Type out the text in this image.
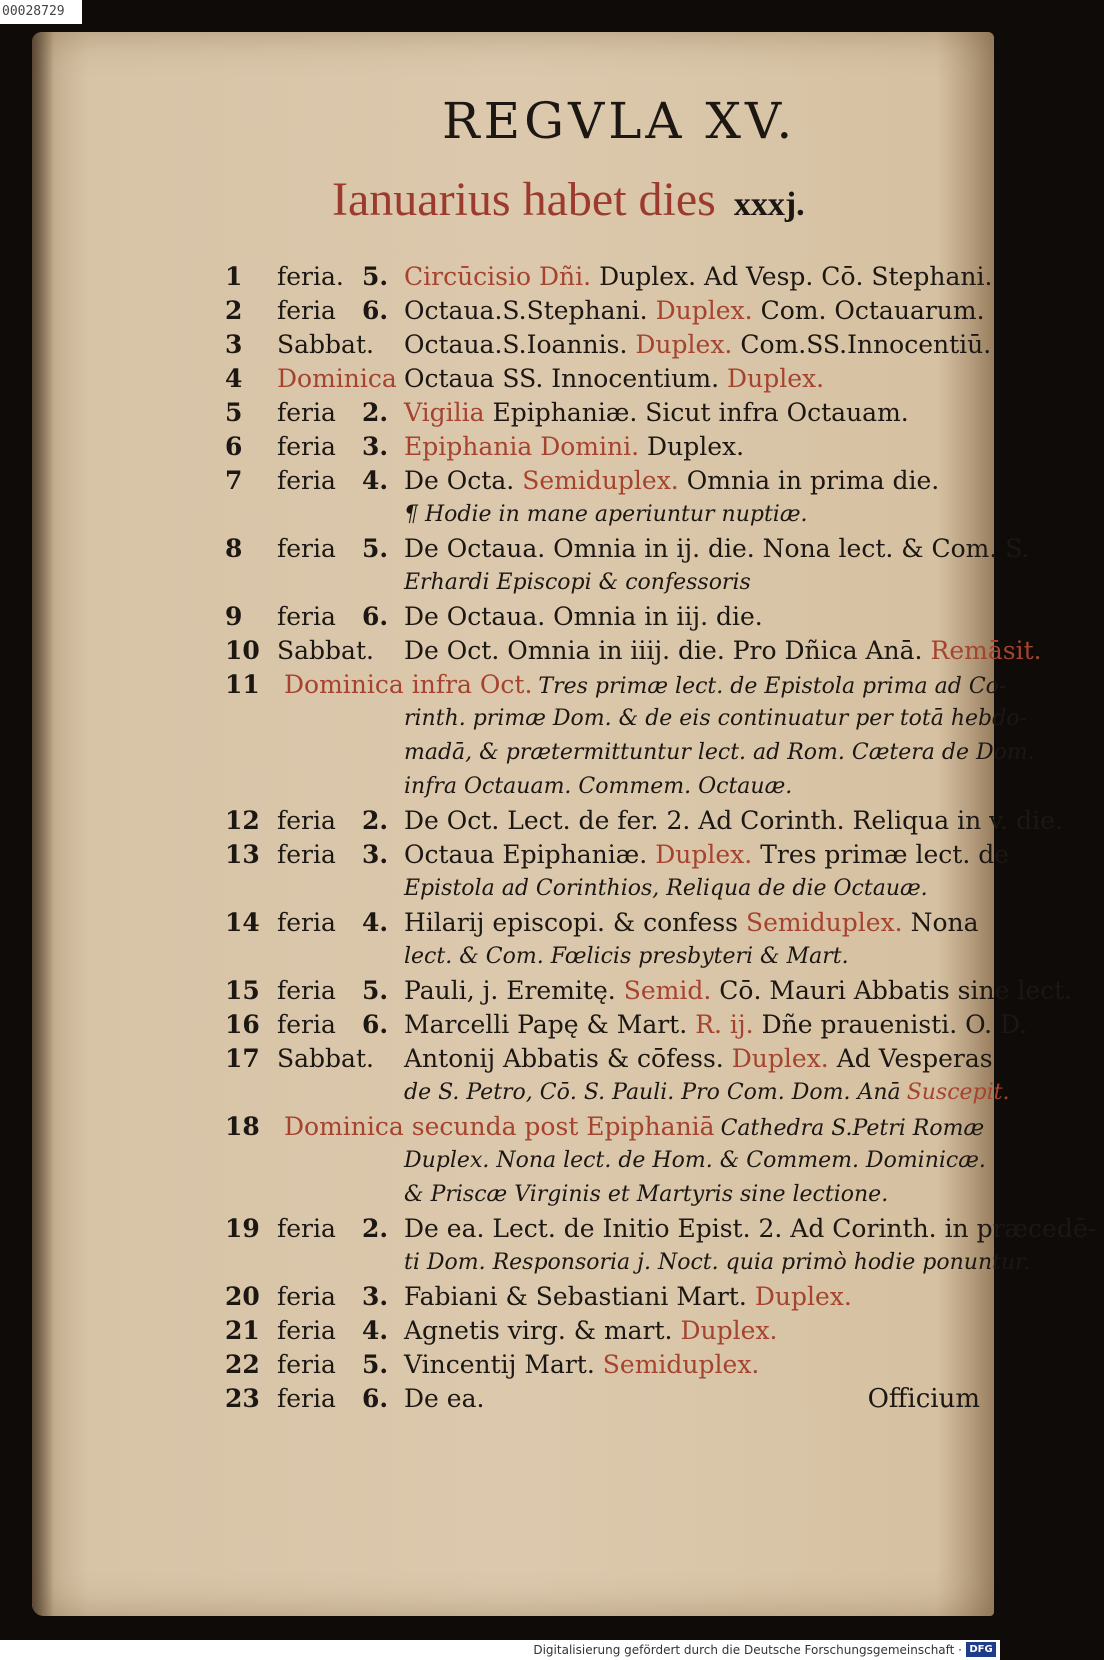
00028729
REGVLA XV.
Ianuarius habet dies xxxj.
1	feria. 5. Circūcisio Dñi. Duplex. Ad Vesp. Cō. Stephani.
2	feria 6. Octaua.S.Stephani. Duplex. Com. Octauarum.
3	Sabbat. Octaua.S.Ioannis. Duplex. Com.SS.Innocentiū.
4	Dominica Octaua SS. Innocentium. Duplex.
5	feria 2. Vigilia Epiphaniæ. Sicut infra Octauam.
6	feria 3. Epiphania Domini. Duplex.
7	feria 4. De Octa. Semiduplex. Omnia in prima die.
¶ Hodie in mane aperiuntur nuptiæ.
8	feria 5. De Octaua. Omnia in ij. die. Nona lect. & Com. S.
Erhardi Episcopi & confessoris
9	feria 6. De Octaua. Omnia in iij. die.
10 Sabbat. De Oct. Omnia in iiij. die. Pro Dñica Anā. Remāsit.
11 Dominica infra Oct. Tres primæ lect. de Epistola prima ad Co-
rinth. primæ Dom. & de eis continuatur per totā hebdo-
madā, & prætermittuntur lect. ad Rom. Cætera de Dom.
infra Octauam. Commem. Octauæ.
12 feria 2. De Oct. Lect. de fer. 2. Ad Corinth. Reliqua in v. die.
13 feria 3. Octaua Epiphaniæ. Duplex. Tres primæ lect. de
Epistola ad Corinthios, Reliqua de die Octauæ.
14 feria 4. Hilarij episcopi. & confess Semiduplex. Nona
lect. & Com. Fœlicis presbyteri & Mart.
15 feria 5. Pauli, j. Eremitę. Semid. Cō. Mauri Abbatis sine lect.
16 feria 6. Marcelli Papę & Mart. R. ij. Dñe prauenisti. O. D.
17 Sabbat. Antonij Abbatis & cōfess. Duplex. Ad Vesperas
de S. Petro, Cō. S. Pauli. Pro Com. Dom. Anā Suscepit.
18 Dominica secunda post Epiphaniā Cathedra S.Petri Romæ
Duplex. Nona lect. de Hom. & Commem. Dominicæ.
& Priscæ Virginis et Martyris sine lectione.
19 feria 2. De ea. Lect. de Initio Epist. 2. Ad Corinth. in præcedē-
ti Dom. Responsoria j. Noct. quia primò hodie ponuntur.
20 feria 3. Fabiani & Sebastiani Mart. Duplex.
21 feria 4. Agnetis virg. & mart. Duplex.
22 feria 5. Vincentij Mart. Semiduplex.
23 feria 6. De ea.	Officium
Digitalisierung gefördert durch die Deutsche Forschungsgemeinschaft · DFG
